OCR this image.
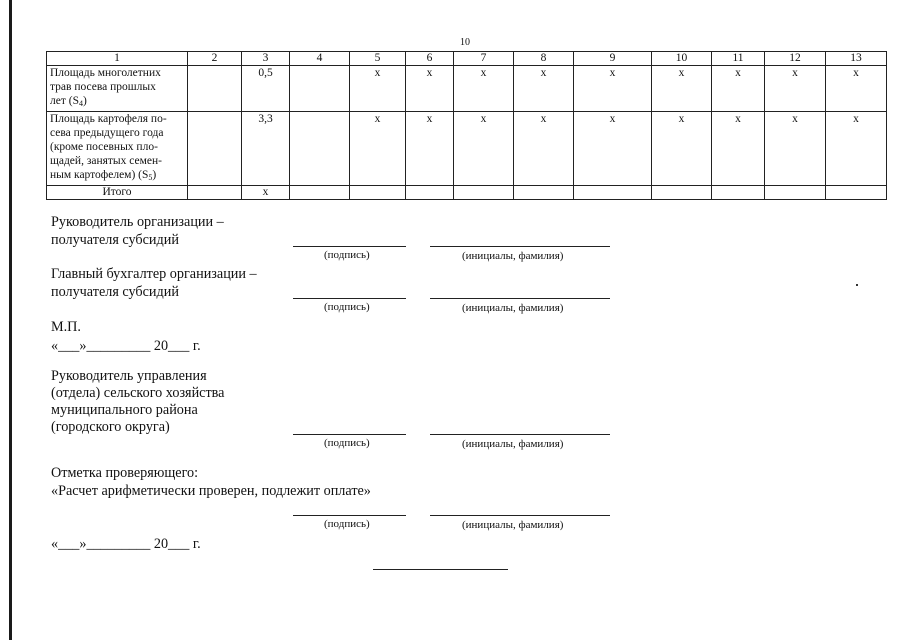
10
1	2	3	4	5	6	7	8	9	10	11	12	13
Площадь многолетних
трав посева прошлых
лет $(S_4)$		0,5		x	x	x	x	x	x	x	x	x
Площадь картофеля по-
сева предыдущего года
(кроме посевных пло-
щадей, занятых семен-
ным картофелем) $(S_5)$		3,3		x	x	x	x	x	x	x	x	x
Итого		x										
Руководитель организации –
получателя субсидий
(подпись)	(инициалы, фамилия)
Главный бухгалтер организации –
получателя субсидий
(подпись)	(инициалы, фамилия)
М.П.
«___»_________ 20___ г.
Руководитель управления
(отдела) сельского хозяйства
муниципального района
(городского округа)
(подпись)	(инициалы, фамилия)
Отметка проверяющего:
«Расчет арифметически проверен, подлежит оплате»
(подпись)	(инициалы, фамилия)
«___»_________ 20___ г.
